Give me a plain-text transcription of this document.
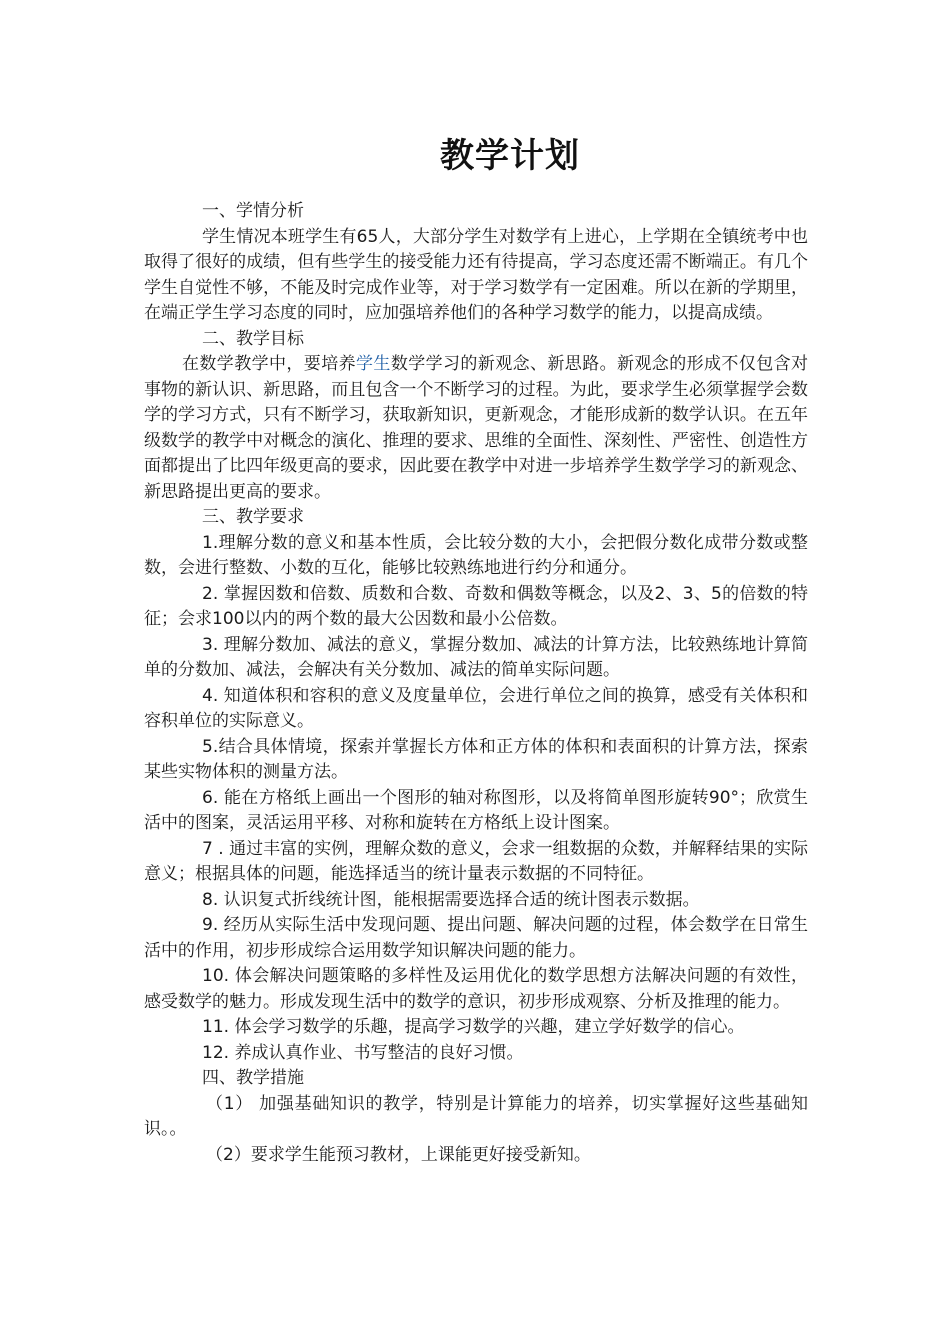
教学计划

一、学情分析

学生情况本班学生有65人，大部分学生对数学有上进心，上学期在全镇统考中也取得了很好的成绩，但有些学生的接受能力还有待提高，学习态度还需不断端正。有几个学生自觉性不够，不能及时完成作业等，对于学习数学有一定困难。所以在新的学期里，在端正学生学习态度的同时，应加强培养他们的各种学习数学的能力，以提高成绩。

二、教学目标

在数学教学中，要培养学生数学学习的新观念、新思路。新观念的形成不仅包含对事物的新认识、新思路，而且包含一个不断学习的过程。为此，要求学生必须掌握学会数学的学习方式，只有不断学习，获取新知识，更新观念，才能形成新的数学认识。在五年级数学的教学中对概念的演化、推理的要求、思维的全面性、深刻性、严密性、创造性方面都提出了比四年级更高的要求，因此要在教学中对进一步培养学生数学学习的新观念、新思路提出更高的要求。

三、教学要求

1.理解分数的意义和基本性质，会比较分数的大小，会把假分数化成带分数或整数，会进行整数、小数的互化，能够比较熟练地进行约分和通分。

2. 掌握因数和倍数、质数和合数、奇数和偶数等概念，以及2、3、5的倍数的特征；会求100以内的两个数的最大公因数和最小公倍数。

3. 理解分数加、减法的意义，掌握分数加、减法的计算方法，比较熟练地计算简单的分数加、减法，会解决有关分数加、减法的简单实际问题。

4. 知道体积和容积的意义及度量单位，会进行单位之间的换算，感受有关体积和容积单位的实际意义。

5.结合具体情境，探索并掌握长方体和正方体的体积和表面积的计算方法，探索某些实物体积的测量方法。

6. 能在方格纸上画出一个图形的轴对称图形，以及将简单图形旋转90°；欣赏生活中的图案，灵活运用平移、对称和旋转在方格纸上设计图案。

7 . 通过丰富的实例，理解众数的意义，会求一组数据的众数，并解释结果的实际意义；根据具体的问题，能选择适当的统计量表示数据的不同特征。

8. 认识复式折线统计图，能根据需要选择合适的统计图表示数据。

9. 经历从实际生活中发现问题、提出问题、解决问题的过程，体会数学在日常生活中的作用，初步形成综合运用数学知识解决问题的能力。

10. 体会解决问题策略的多样性及运用优化的数学思想方法解决问题的有效性，感受数学的魅力。形成发现生活中的数学的意识，初步形成观察、分析及推理的能力。

11. 体会学习数学的乐趣，提高学习数学的兴趣，建立学好数学的信心。

12. 养成认真作业、书写整洁的良好习惯。

四、教学措施

（1） 加强基础知识的教学，特别是计算能力的培养，切实掌握好这些基础知识。。

（2）要求学生能预习教材，上课能更好接受新知。
